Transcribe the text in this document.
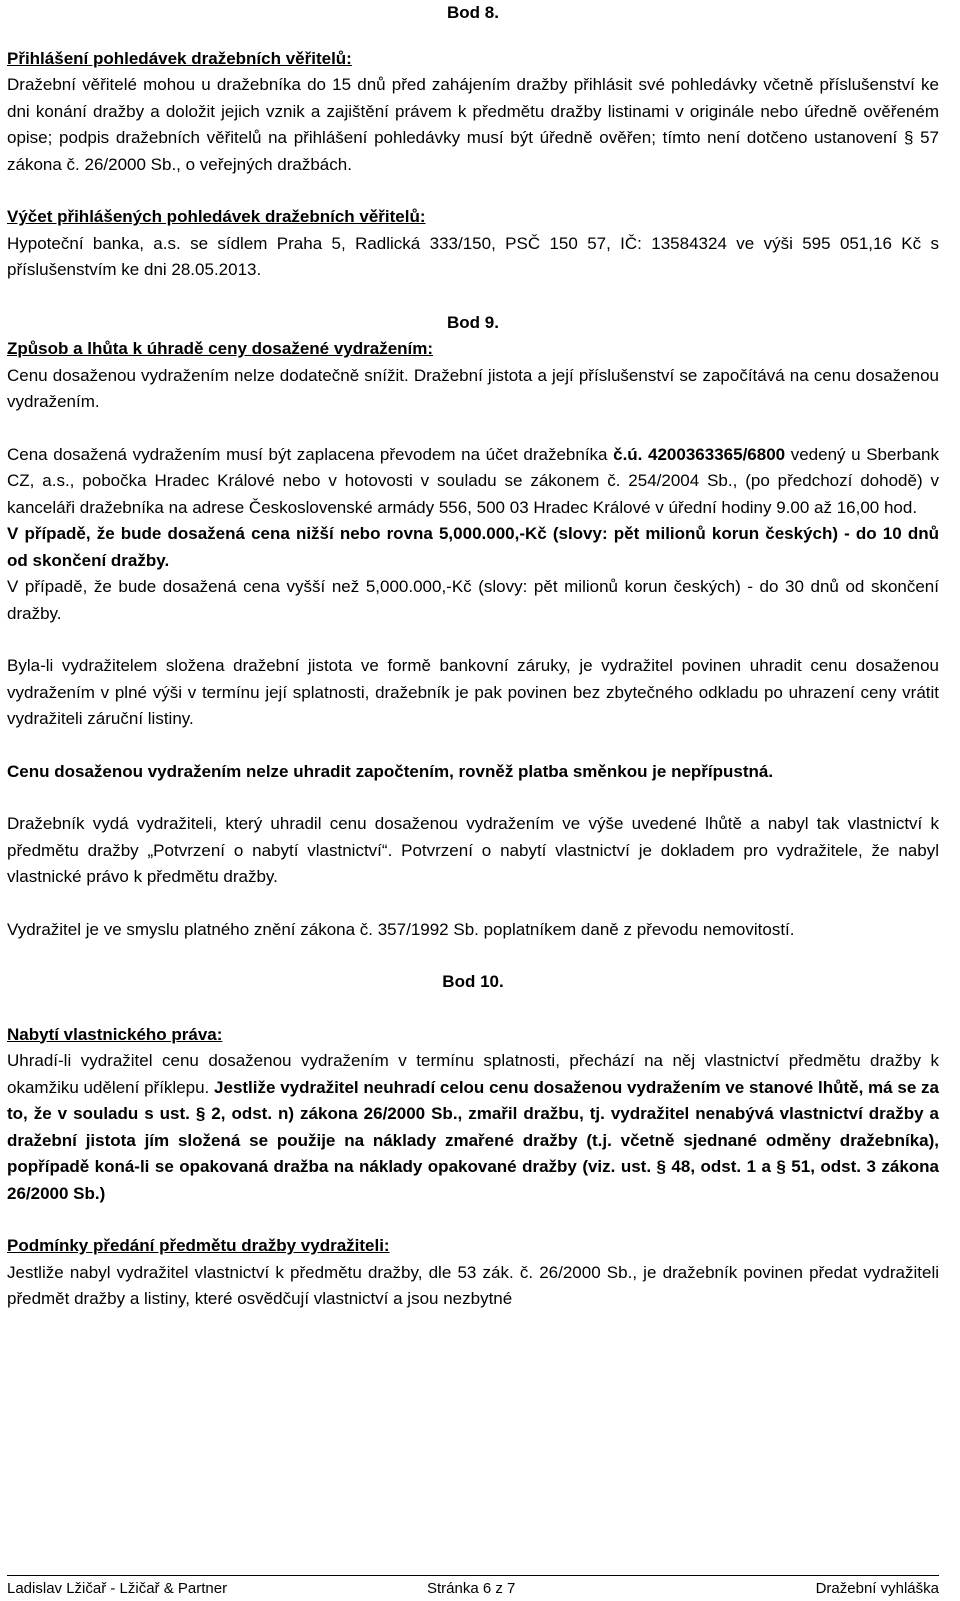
Bod 8.
Přihlášení pohledávek dražebních věřitelů:

Dražební věřitelé mohou u dražebníka do 15 dnů před zahájením dražby přihlásit své pohledávky včetně příslušenství ke dni konání dražby a doložit jejich vznik a zajištění právem k předmětu dražby listinami v originále nebo úředně ověřeném opise; podpis dražebních věřitelů na přihlášení pohledávky musí být úředně ověřen; tímto není dotčeno ustanovení § 57 zákona č. 26/2000 Sb., o veřejných dražbách.

Výčet přihlášených pohledávek dražebních věřitelů:

Hypoteční banka, a.s. se sídlem Praha 5, Radlická 333/150, PSČ 150 57, IČ: 13584324 ve výši 595 051,16 Kč s příslušenstvím ke dni 28.05.2013.

Bod 9.
Způsob a lhůta k úhradě ceny dosažené vydražením:

Cenu dosaženou vydražením nelze dodatečně snížit. Dražební jistota a její příslušenství se započítává na cenu dosaženou vydražením.

Cena dosažená vydražením musí být zaplacena převodem na účet dražebníka č.ú. 4200363365/6800 vedený u Sberbank CZ, a.s., pobočka Hradec Králové nebo v hotovosti v souladu se zákonem č. 254/2004 Sb., (po předchozí dohodě) v kanceláři dražebníka na adrese Československé armády 556, 500 03 Hradec Králové v úřední hodiny 9.00 až 16,00 hod.

V případě, že bude dosažená cena nižší nebo rovna 5,000.000,-Kč (slovy: pět milionů korun českých) - do 10 dnů od skončení dražby.

V případě, že bude dosažená cena vyšší než 5,000.000,-Kč (slovy: pět milionů korun českých) - do 30 dnů od skončení dražby.

Byla-li vydražitelem složena dražební jistota ve formě bankovní záruky, je vydražitel povinen uhradit cenu dosaženou vydražením v plné výši v termínu její splatnosti, dražebník je pak povinen bez zbytečného odkladu po uhrazení ceny vrátit vydražiteli záruční listiny.

Cenu dosaženou vydražením nelze uhradit započtením, rovněž platba směnkou je nepřípustná.

Dražebník vydá vydražiteli, který uhradil cenu dosaženou vydražením ve výše uvedené lhůtě a nabyl tak vlastnictví k předmětu dražby „Potvrzení o nabytí vlastnictví“. Potvrzení o nabytí vlastnictví je dokladem pro vydražitele, že nabyl vlastnické právo k předmětu dražby.

Vydražitel je ve smyslu platného znění zákona č. 357/1992 Sb. poplatníkem daně z převodu nemovitostí.

Bod 10.
Nabytí vlastnického práva:

Uhradí-li vydražitel cenu dosaženou vydražením v termínu splatnosti, přechází na něj vlastnictví předmětu dražby k okamžiku udělení příklepu. Jestliže vydražitel neuhradí celou cenu dosaženou vydražením ve stanové lhůtě, má se za to, že v souladu s ust. § 2, odst. n) zákona 26/2000 Sb., zmařil dražbu, tj. vydražitel nenabývá vlastnictví dražby a dražební jistota jím složená se použije na náklady zmařené dražby (t.j. včetně sjednané odměny dražebníka), popřípadě koná-li se opakovaná dražba na náklady opakované dražby (viz. ust. § 48, odst. 1 a § 51, odst. 3 zákona 26/2000 Sb.)

Podmínky předání předmětu dražby vydražiteli:

Jestliže nabyl vydražitel vlastnictví k předmětu dražby, dle 53 zák. č. 26/2000 Sb., je dražebník povinen předat vydražiteli předmět dražby a listiny, které osvědčují vlastnictví a jsou nezbytné

Ladislav Lžičař - Lžičař & Partner	Stránka 6 z 7	Dražební vyhláška
